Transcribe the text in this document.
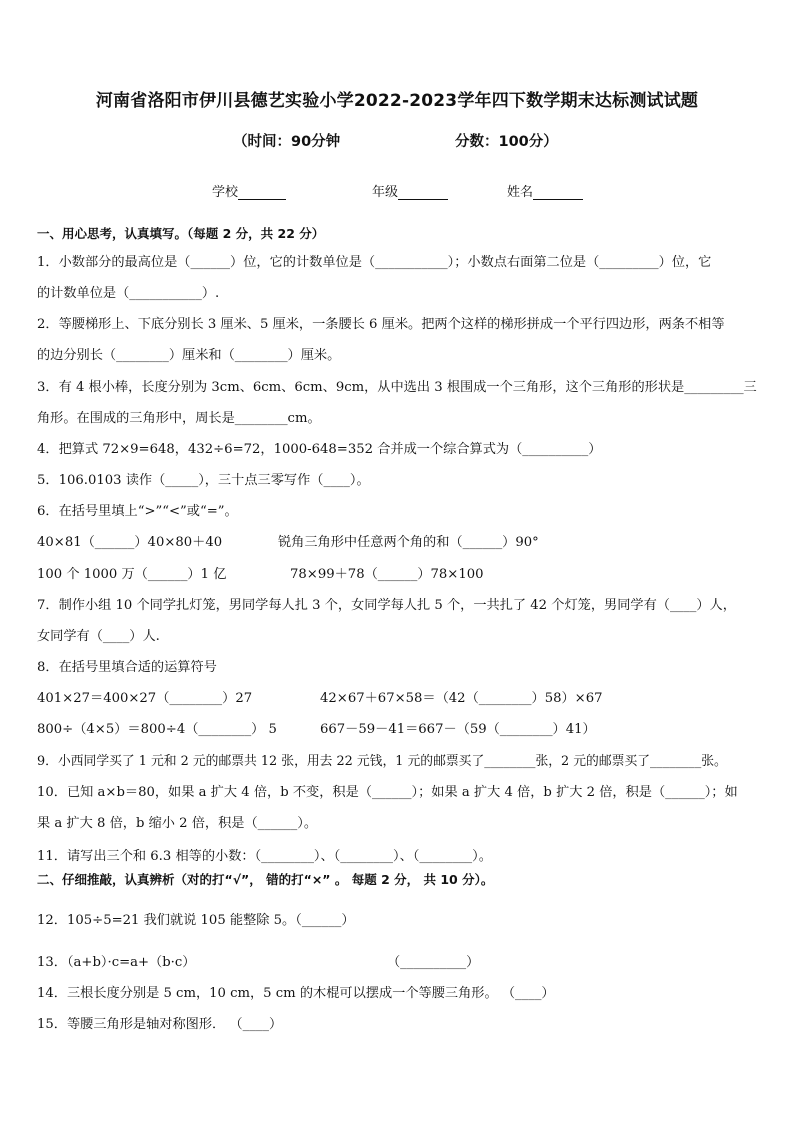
河南省洛阳市伊川县德艺实验小学2022-2023学年四下数学期末达标测试试题
（时间：90分钟	分数：100分）
学校	年级	姓名
一、用心思考，认真填写。（每题 2 分，共 22 分）
1．小数部分的最高位是（______）位，它的计数单位是（___________）；小数点右面第二位是（_________）位，它
的计数单位是（___________）.
2．等腰梯形上、下底分别长 3 厘米、5 厘米，一条腰长 6 厘米。把两个这样的梯形拼成一个平行四边形，两条不相等
的边分别长（________）厘米和（________）厘米。
3．有 4 根小棒，长度分别为 3cm、6cm、6cm、9cm，从中选出 3 根围成一个三角形，这个三角形的形状是_________三
角形。在围成的三角形中，周长是________cm。
4．把算式 72×9=648，432÷6=72，1000-648=352 合并成一个综合算式为（__________）
5．106.0103 读作（_____），三十点三零写作（____）。
6．在括号里填上“>”“<”或“=”。
40×81（______）40×80＋40	锐角三角形中任意两个角的和（______）90°
100 个 1000 万（______）1 亿	78×99＋78（______）78×100
7．制作小组 10 个同学扎灯笼，男同学每人扎 3 个，女同学每人扎 5 个，一共扎了 42 个灯笼，男同学有（____）人，
女同学有（____）人.
8．在括号里填合适的运算符号
401×27＝400×27（________）27	42×67＋67×58＝（42（________）58）×67
800÷（4×5）＝800÷4（________） 5	667－59－41＝667－（59（________）41）
9．小西同学买了 1 元和 2 元的邮票共 12 张，用去 22 元钱，1 元的邮票买了________张，2 元的邮票买了________张。
10．已知 a×b＝80，如果 a 扩大 4 倍，b 不变，积是（______）；如果 a 扩大 4 倍，b 扩大 2 倍，积是（______）；如
果 a 扩大 8 倍，b 缩小 2 倍，积是（______）。
11．请写出三个和 6.3 相等的小数：（________）、（________）、（________）。
二、仔细推敲，认真辨析（对的打“√”， 错的打“×” 。 每题 2 分， 共 10 分）。
12．105÷5=21 我们就说 105 能整除 5。（______）
13．（a+b）·c=a+（b·c）	（__________）
14．三根长度分别是 5 cm，10 cm，5 cm 的木棍可以摆成一个等腰三角形。 （____）
15．等腰三角形是轴对称图形． （____）
